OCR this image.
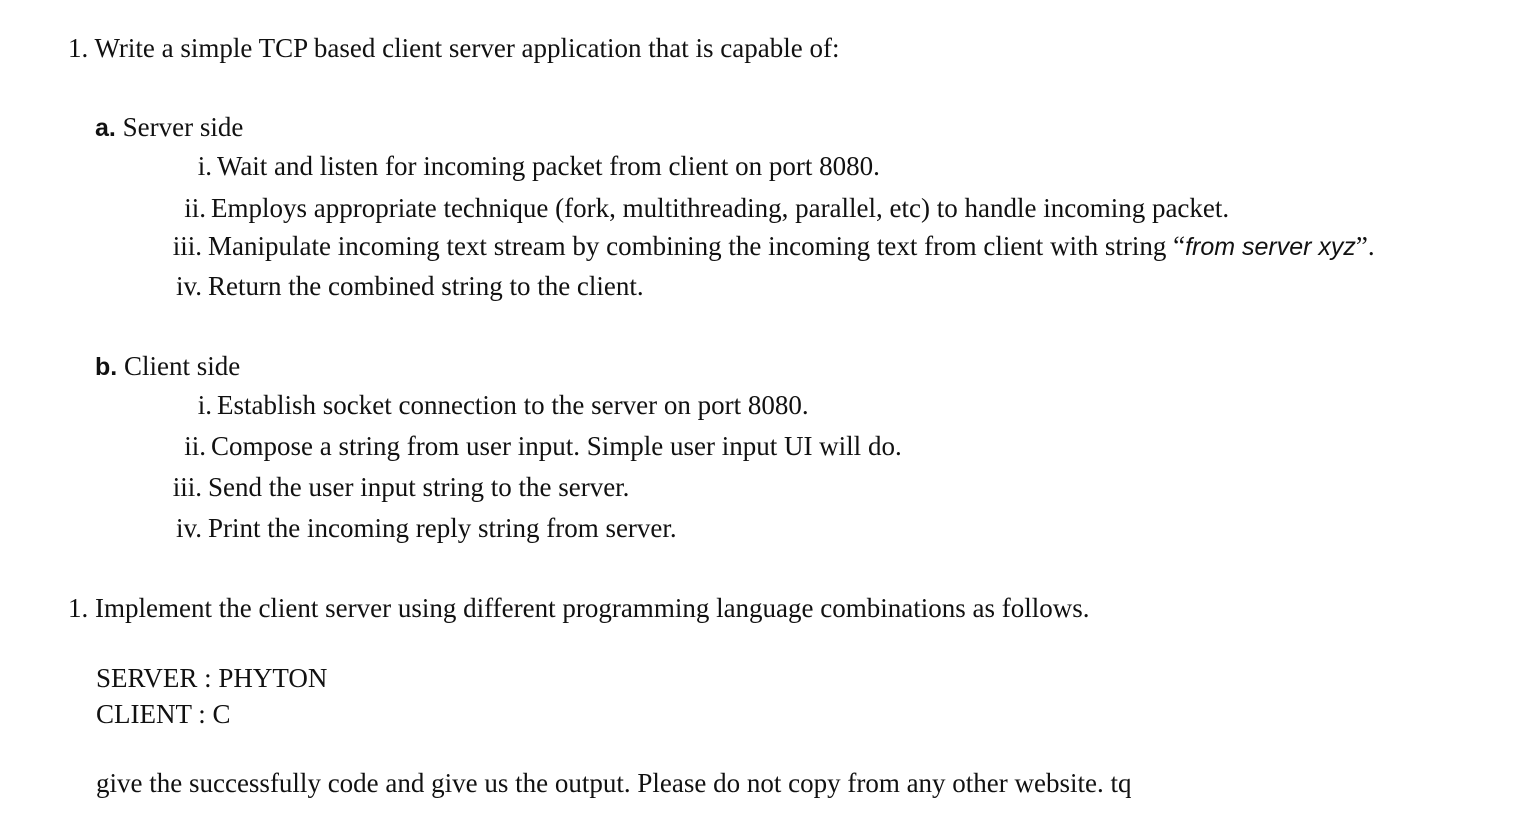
1. Write a simple TCP based client server application that is capable of:
a. Server side
i. Wait and listen for incoming packet from client on port 8080.
ii. Employs appropriate technique (fork, multithreading, parallel, etc) to handle incoming packet.
iii. Manipulate incoming text stream by combining the incoming text from client with string “from server xyz”.
iv. Return the combined string to the client.
b. Client side
i. Establish socket connection to the server on port 8080.
ii. Compose a string from user input. Simple user input UI will do.
iii. Send the user input string to the server.
iv. Print the incoming reply string from server.
1. Implement the client server using different programming language combinations as follows.
SERVER : PHYTON
CLIENT : C
give the successfully code and give us the output. Please do not copy from any other website. tq
